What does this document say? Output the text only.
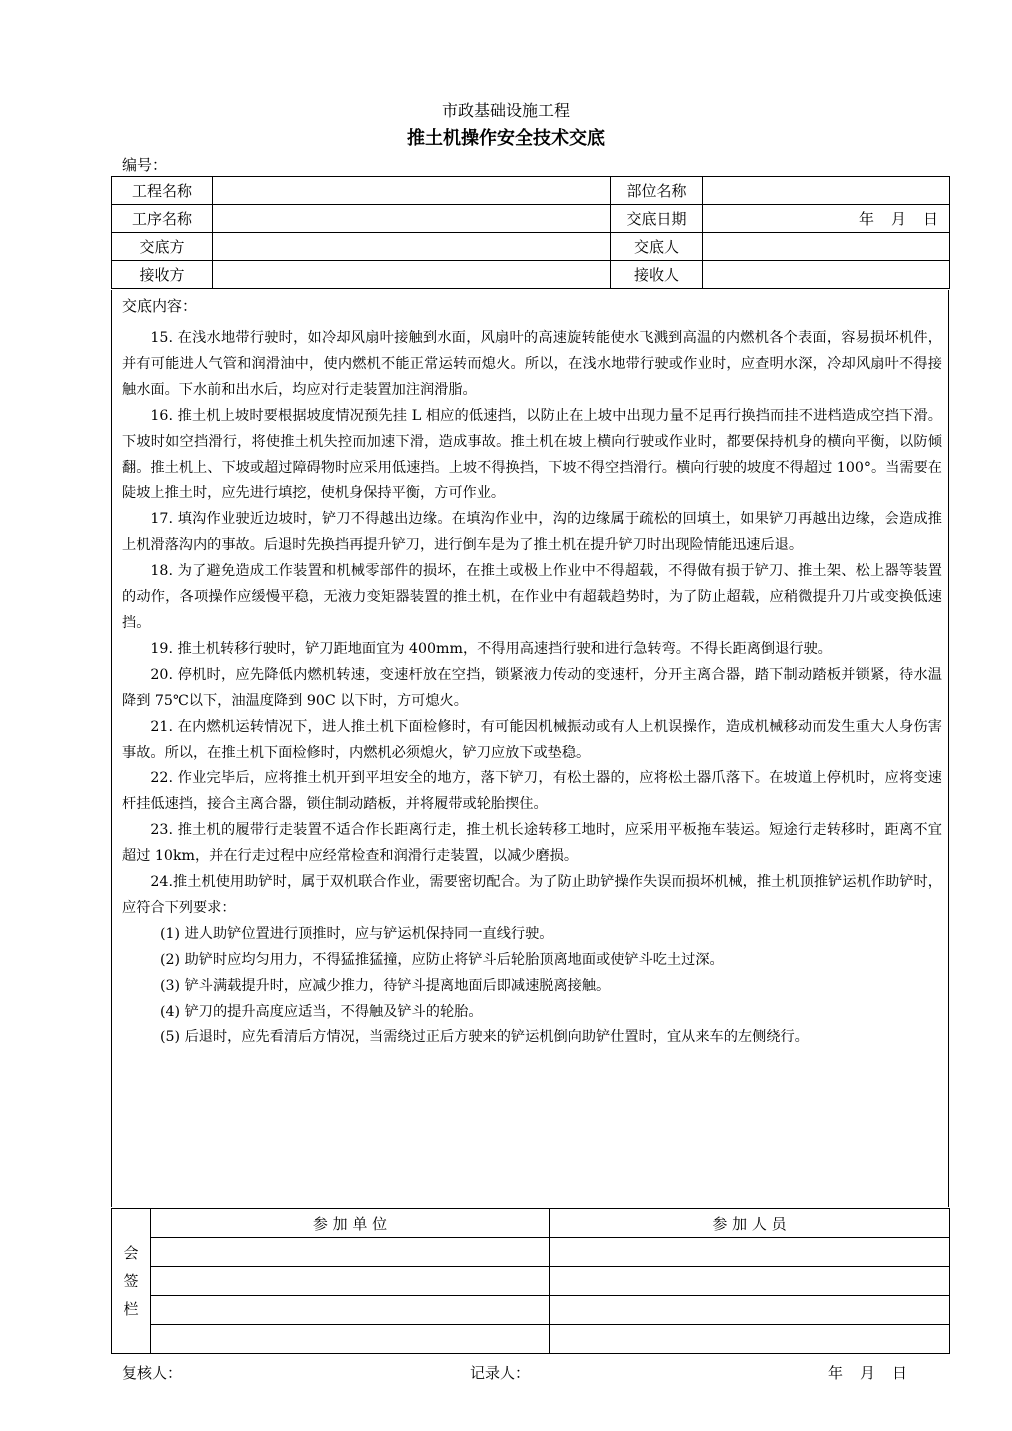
市政基础设施工程
推土机操作安全技术交底
编号：
工程名称		部位名称	
工序名称		交底日期	年　月　日
交底方		交底人	
接收方		接收人	
交底内容：

15. 在浅水地带行驶时，如冷却风扇叶接触到水面，风扇叶的高速旋转能使水飞溅到高温的内燃机各个表面，容易损坏机件，并有可能进人气管和润滑油中，使内燃机不能正常运转而熄火。所以，在浅水地带行驶或作业时，应查明水深，冷却风扇叶不得接触水面。下水前和出水后，均应对行走装置加注润滑脂。

16. 推土机上坡时要根据坡度情况预先挂 L 相应的低速挡，以防止在上坡中出现力量不足再行换挡而挂不进档造成空挡下滑。下坡时如空挡滑行，将使推土机失控而加速下滑，造成事故。推土机在坡上横向行驶或作业时，都要保持机身的横向平衡，以防倾翻。推土机上、下坡或超过障碍物时应采用低速挡。上坡不得换挡，下坡不得空挡滑行。横向行驶的坡度不得超过 100°。当需要在陡坡上推土时，应先进行填挖，使机身保持平衡，方可作业。

17. 填沟作业驶近边坡时，铲刀不得越出边缘。在填沟作业中，沟的边缘属于疏松的回填土，如果铲刀再越出边缘，会造成推上机滑落沟内的事故。后退时先换挡再提升铲刀，进行倒车是为了推土机在提升铲刀时出现险情能迅速后退。

18. 为了避免造成工作装置和机械零部件的损坏，在推土或极上作业中不得超载，不得做有损于铲刀、推土架、松上器等装置的动作，各项操作应缓慢平稳，无液力变矩器装置的推土机，在作业中有超载趋势时，为了防止超载，应稍微提升刀片或变换低速挡。

19. 推土机转移行驶时，铲刀距地面宜为 400mm，不得用高速挡行驶和进行急转弯。不得长距离倒退行驶。

20. 停机时，应先降低内燃机转速，变速杆放在空挡，锁紧液力传动的变速杆，分开主离合器，踏下制动踏板并锁紧，待水温降到 75℃以下，油温度降到 90C 以下时，方可熄火。

21. 在内燃机运转情况下，进人推土机下面检修时，有可能因机械振动或有人上机误操作，造成机械移动而发生重大人身伤害事故。所以，在推土机下面检修时，内燃机必须熄火，铲刀应放下或垫稳。

22. 作业完毕后，应将推土机开到平坦安全的地方，落下铲刀，有松土器的，应将松土器爪落下。在坡道上停机时，应将变速杆挂低速挡，接合主离合器，锁住制动踏板，并将履带或轮胎揳住。

23. 推土机的履带行走装置不适合作长距离行走，推土机长途转移工地时，应采用平板拖车装运。短途行走转移时，距离不宜超过 10km，并在行走过程中应经常检查和润滑行走装置，以减少磨损。

24.推土机使用助铲时，属于双机联合作业，需要密切配合。为了防止助铲操作失误而损坏机械，推土机顶推铲运机作助铲时，应符合下列要求：

(1) 进人助铲位置进行顶推时，应与铲运机保持同一直线行驶。

(2) 助铲时应均匀用力，不得猛推猛撞，应防止将铲斗后轮胎顶离地面或使铲斗吃土过深。

(3) 铲斗满载提升时，应减少推力，待铲斗提离地面后即减速脱离接触。

(4) 铲刀的提升高度应适当，不得触及铲斗的轮胎。

(5) 后退时，应先看清后方情况，当需绕过正后方驶来的铲运机倒向助铲仕置时，宜从来车的左侧绕行。

会
签
栏	参 加 单 位	参 加 人 员

复核人：	记录人：	年　月　日
